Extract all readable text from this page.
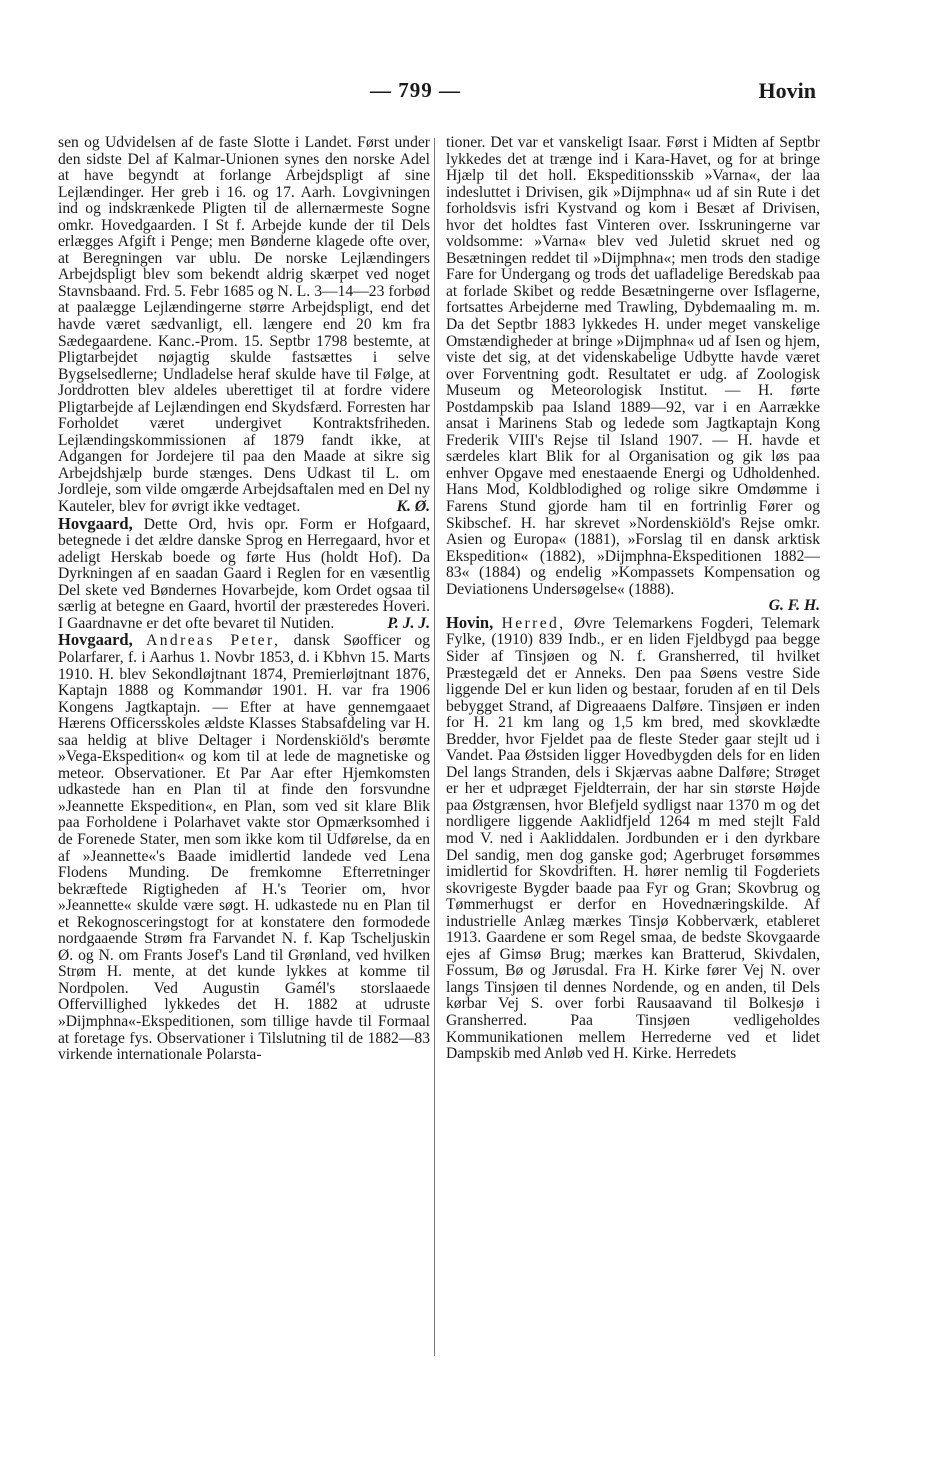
— 799 —	Hovin

sen og Udvidelsen af de faste Slotte i Landet. Først under den sidste Del af Kalmar-Unionen synes den norske Adel at have begyndt at forlange Arbejdspligt af sine Lejlændinger. Her greb i 16. og 17. Aarh. Lovgivningen ind og indskrænkede Pligten til de allernærmeste Sogne omkr. Hovedgaarden. I St f. Arbejde kunde der til Dels erlægges Afgift i Penge; men Bønderne klagede ofte over, at Beregningen var ublu. De norske Lejlændingers Arbejdspligt blev som bekendt aldrig skærpet ved noget Stavnsbaand. Frd. 5. Febr 1685 og N. L. 3—14—23 forbød at paalægge Lejlændingerne større Arbejdspligt, end det havde været sædvanligt, ell. længere end 20 km fra Sædegaardene. Kanc.-Prom. 15. Septbr 1798 bestemte, at Pligtarbejdet nøjagtig skulde fastsættes i selve Bygselsedlerne; Undladelse heraf skulde have til Følge, at Jorddrotten blev aldeles uberettiget til at fordre videre Pligtarbejde af Lejlændingen end Skydsfærd. Forresten har Forholdet været undergivet Kontraktsfriheden. Lejlændingskommissionen af 1879 fandt ikke, at Adgangen for Jordejere til paa den Maade at sikre sig Arbejdshjælp burde stænges. Dens Udkast til L. om Jordleje, som vilde omgærde Arbejdsaftalen med en Del ny Kauteler, blev for øvrigt ikke vedtaget.	K. Ø.

Hovgaard, Dette Ord, hvis opr. Form er Hofgaard, betegnede i det ældre danske Sprog en Herregaard, hvor et adeligt Herskab boede og førte Hus (holdt Hof). Da Dyrkningen af en saadan Gaard i Reglen for en væsentlig Del skete ved Bøndernes Hovarbejde, kom Ordet ogsaa til særlig at betegne en Gaard, hvortil der præsteredes Hoveri. I Gaardnavne er det ofte bevaret til Nutiden.	P. J. J.

Hovgaard, Andreas Peter, dansk Søofficer og Polarfarer, f. i Aarhus 1. Novbr 1853, d. i Kbhvn 15. Marts 1910. H. blev Sekondløjtnant 1874, Premierløjtnant 1876, Kaptajn 1888 og Kommandør 1901. H. var fra 1906 Kongens Jagtkaptajn. — Efter at have gennemgaaet Hærens Officersskoles ældste Klasses Stabsafdeling var H. saa heldig at blive Deltager i Nordenskiöld's berømte »Vega-Ekspedition« og kom til at lede de magnetiske og meteor. Observationer. Et Par Aar efter Hjemkomsten udkastede han en Plan til at finde den forsvundne »Jeannette Ekspedition«, en Plan, som ved sit klare Blik paa Forholdene i Polarhavet vakte stor Opmærksomhed i de Forenede Stater, men som ikke kom til Udførelse, da en af »Jeannette«'s Baade imidlertid landede ved Lena Flodens Munding. De fremkomne Efterretninger bekræftede Rigtigheden af H.'s Teorier om, hvor »Jeannette« skulde være søgt. H. udkastede nu en Plan til et Rekognosceringstogt for at konstatere den formodede nordgaaende Strøm fra Farvandet N. f. Kap Tscheljuskin Ø. og N. om Frants Josef's Land til Grønland, ved hvilken Strøm H. mente, at det kunde lykkes at komme til Nordpolen. Ved Augustin Gamél's storslaaede Offervillighed lykkedes det H. 1882 at udruste »Dijmphna«-Ekspeditionen, som tillige havde til Formaal at foretage fys. Observationer i Tilslutning til de 1882—83 virkende internationale Polarsta-

tioner. Det var et vanskeligt Isaar. Først i Midten af Septbr lykkedes det at trænge ind i Kara-Havet, og for at bringe Hjælp til det holl. Ekspeditionsskib »Varna«, der laa indesluttet i Drivisen, gik »Dijmphna« ud af sin Rute i det forholdsvis isfri Kystvand og kom i Besæt af Drivisen, hvor det holdtes fast Vinteren over. Isskruningerne var voldsomme: »Varna« blev ved Juletid skruet ned og Besætningen reddet til »Dijmphna«; men trods den stadige Fare for Undergang og trods det uafladelige Beredskab paa at forlade Skibet og redde Besætningerne over Isflagerne, fortsattes Arbejderne med Trawling, Dybdemaaling m. m. Da det Septbr 1883 lykkedes H. under meget vanskelige Omstændigheder at bringe »Dijmphna« ud af Isen og hjem, viste det sig, at det videnskabelige Udbytte havde været over Forventning godt. Resultatet er udg. af Zoologisk Museum og Meteorologisk Institut. — H. førte Postdampskib paa Island 1889—92, var i en Aarrække ansat i Marinens Stab og ledede som Jagtkaptajn Kong Frederik VIII's Rejse til Island 1907. — H. havde et særdeles klart Blik for al Organisation og gik løs paa enhver Opgave med enestaaende Energi og Udholdenhed. Hans Mod, Koldblodighed og rolige sikre Omdømme i Farens Stund gjorde ham til en fortrinlig Fører og Skibschef. H. har skrevet »Nordenskiöld's Rejse omkr. Asien og Europa« (1881), »Forslag til en dansk arktisk Ekspedition« (1882), »Dijmphna-Ekspeditionen 1882—83« (1884) og endelig »Kompassets Kompensation og Deviationens Undersøgelse« (1888).

G. F. H.

Hovin, Herred, Øvre Telemarkens Fogderi, Telemark Fylke, (1910) 839 Indb., er en liden Fjeldbygd paa begge Sider af Tinsjøen og N. f. Gransherred, til hvilket Præstegæld det er Anneks. Den paa Søens vestre Side liggende Del er kun liden og bestaar, foruden af en til Dels bebygget Strand, af Digreaaens Dalføre. Tinsjøen er inden for H. 21 km lang og 1,5 km bred, med skovklædte Bredder, hvor Fjeldet paa de fleste Steder gaar stejlt ud i Vandet. Paa Østsiden ligger Hovedbygden dels for en liden Del langs Stranden, dels i Skjærvas aabne Dalføre; Strøget er her et udpræget Fjeldterrain, der har sin største Højde paa Østgrænsen, hvor Blefjeld sydligst naar 1370 m og det nordligere liggende Aaklidfjeld 1264 m med stejlt Fald mod V. ned i Aakliddalen. Jordbunden er i den dyrkbare Del sandig, men dog ganske god; Agerbruget forsømmes imidlertid for Skovdriften. H. hører nemlig til Fogderiets skovrigeste Bygder baade paa Fyr og Gran; Skovbrug og Tømmerhugst er derfor en Hovednæringskilde. Af industrielle Anlæg mærkes Tinsjø Kobberværk, etableret 1913. Gaardene er som Regel smaa, de bedste Skovgaarde ejes af Gimsø Brug; mærkes kan Bratterud, Skivdalen, Fossum, Bø og Jørusdal. Fra H. Kirke fører Vej N. over langs Tinsjøen til dennes Nordende, og en anden, til Dels kørbar Vej S. over forbi Rausaavand til Bolkesjø i Gransherred. Paa Tinsjøen vedligeholdes Kommunikationen mellem Herrederne ved et lidet Dampskib med Anløb ved H. Kirke. Herredets
